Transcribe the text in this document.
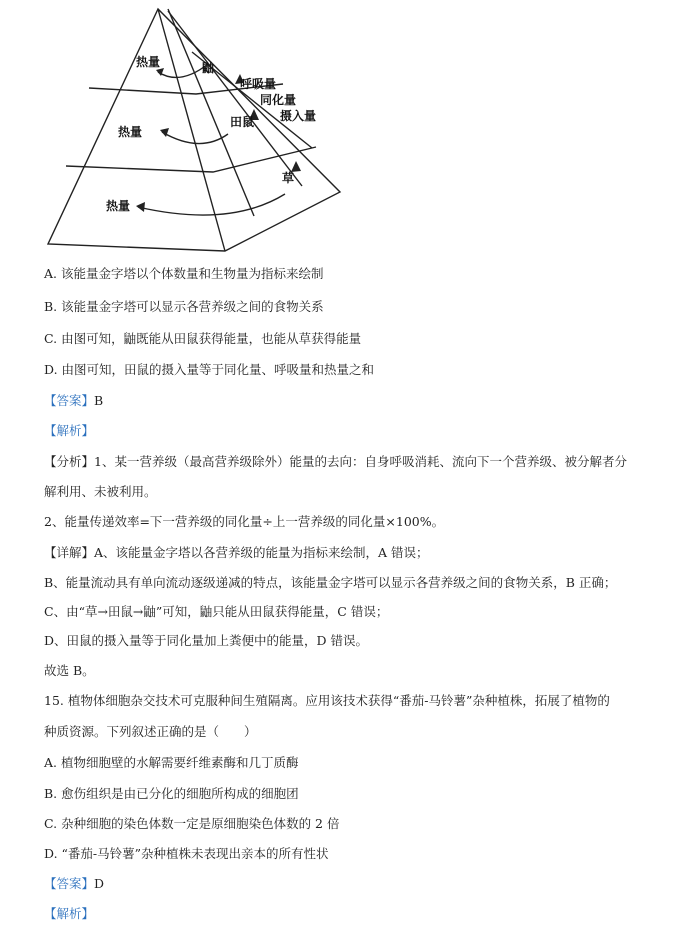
热量	鼬
呼吸量
同化量
摄入量
田鼠
热量
草
热量
A. 该能量金字塔以个体数量和生物量为指标来绘制
B. 该能量金字塔可以显示各营养级之间的食物关系
C. 由图可知，鼬既能从田鼠获得能量，也能从草获得能量
D. 由图可知，田鼠的摄入量等于同化量、呼吸量和热量之和
【答案】B
【解析】
【分析】1、某一营养级（最高营养级除外）能量的去向：自身呼吸消耗、流向下一个营养级、被分解者分
解利用、未被利用。
2、能量传递效率=下一营养级的同化量÷上一营养级的同化量×100%。
【详解】A、该能量金字塔以各营养级的能量为指标来绘制，A 错误；
B、能量流动具有单向流动逐级递减的特点，该能量金字塔可以显示各营养级之间的食物关系，B 正确；
C、由“草→田鼠→鼬”可知，鼬只能从田鼠获得能量，C 错误；
D、田鼠的摄入量等于同化量加上粪便中的能量，D 错误。
故选 B。
15. 植物体细胞杂交技术可克服种间生殖隔离。应用该技术获得“番茄-马铃薯”杂种植株，拓展了植物的
种质资源。下列叙述正确的是（　　）
A. 植物细胞壁的水解需要纤维素酶和几丁质酶
B. 愈伤组织是由已分化的细胞所构成的细胞团
C. 杂种细胞的染色体数一定是原细胞染色体数的 2 倍
D. “番茄-马铃薯”杂种植株未表现出亲本的所有性状
【答案】D
【解析】
